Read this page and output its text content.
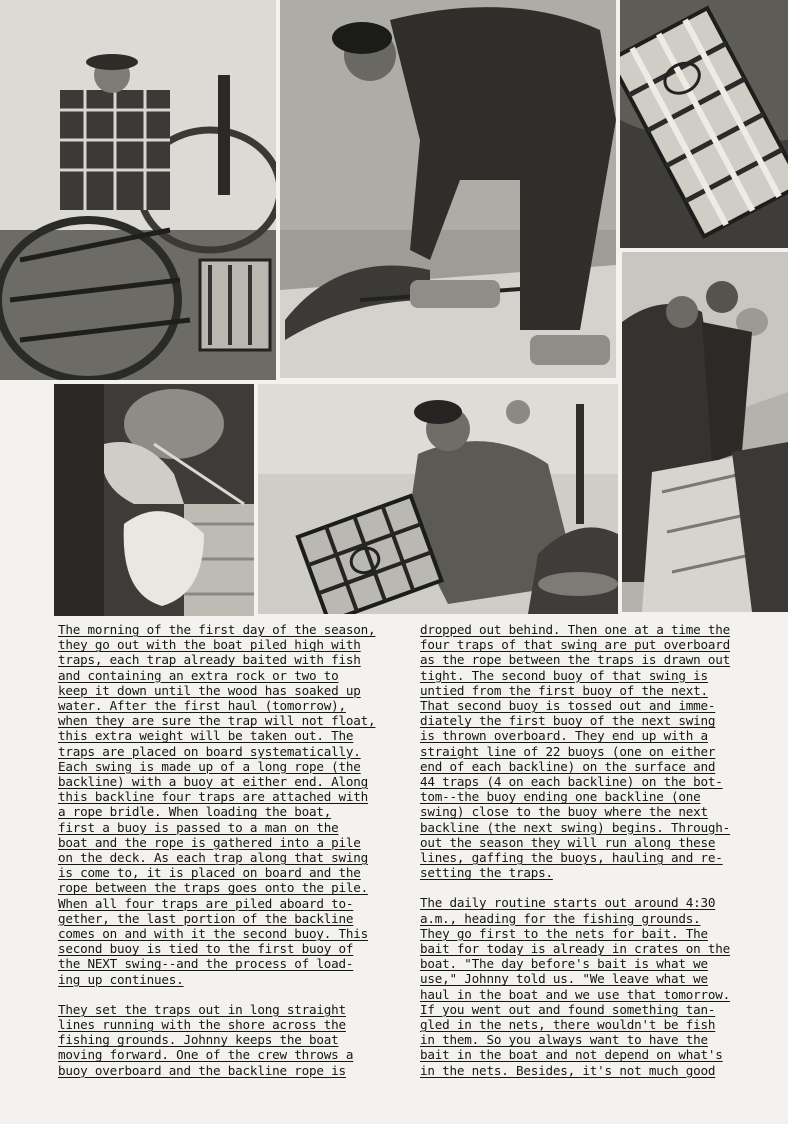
The morning of the first day of the season,
they go out with the boat piled high with
traps, each trap already baited with fish
and containing an extra rock or two to
keep it down until the wood has soaked up
water. After the first haul (tomorrow),
when they are sure the trap will not float,
this extra weight will be taken out. The
traps are placed on board systematically.
Each swing is made up of a long rope (the
backline) with a buoy at either end. Along
this backline four traps are attached with
a rope bridle. When loading the boat,
first a buoy is passed to a man on the
boat and the rope is gathered into a pile
on the deck. As each trap along that swing
is come to, it is placed on board and the
rope between the traps goes onto the pile.
When all four traps are piled aboard to-
gether, the last portion of the backline
comes on and with it the second buoy. This
second buoy is tied to the first buoy of
the NEXT swing--and the process of load-
ing up continues.

They set the traps out in long straight
lines running with the shore across the
fishing grounds. Johnny keeps the boat
moving forward. One of the crew throws a
buoy overboard and the backline rope is

dropped out behind. Then one at a time the
four traps of that swing are put overboard
as the rope between the traps is drawn out
tight. The second buoy of that swing is
untied from the first buoy of the next.
That second buoy is tossed out and imme-
diately the first buoy of the next swing
is thrown overboard. They end up with a
straight line of 22 buoys (one on either
end of each backline) on the surface and
44 traps (4 on each backline) on the bot-
tom--the buoy ending one backline (one
swing) close to the buoy where the next
backline (the next swing) begins. Through-
out the season they will run along these
lines, gaffing the buoys, hauling and re-
setting the traps.

The daily routine starts out around 4:30
a.m., heading for the fishing grounds.
They go first to the nets for bait. The
bait for today is already in crates on the
boat. "The day before's bait is what we
use," Johnny told us. "We leave what we
haul in the boat and we use that tomorrow.
If you went out and found something tan-
gled in the nets, there wouldn't be fish
in them. So you always want to have the
bait in the boat and not depend on what's
in the nets. Besides, it's not much good
